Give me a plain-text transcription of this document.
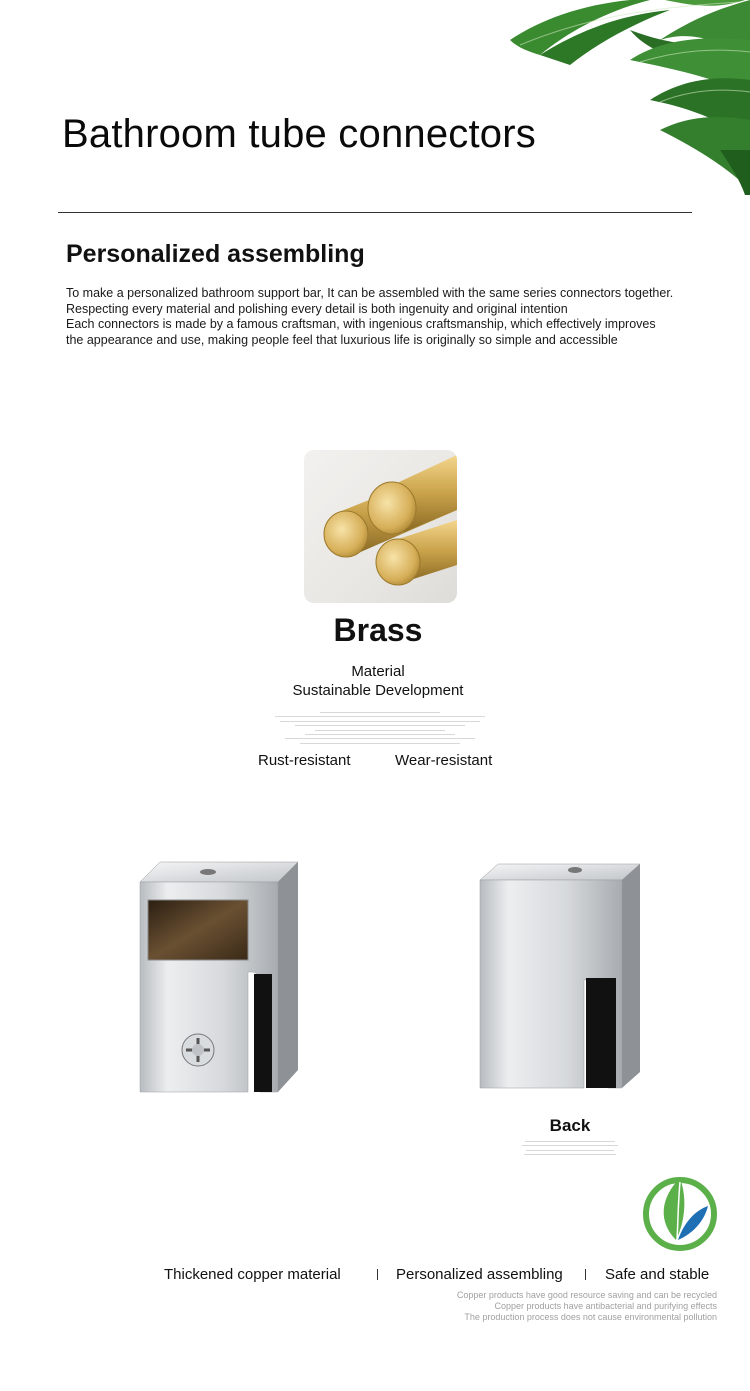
Bathroom tube connectors
Personalized assembling
To make a personalized bathroom support bar, It can be assembled with the same series connectors together.
Respecting every material and polishing every detail is both ingenuity and original intention
Each connectors is made by a famous craftsman, with ingenious craftsmanship, which effectively improves
the appearance and use, making people feel that luxurious life is originally so simple and accessible
Brass
Material
Sustainable Development
Rust-resistant	Wear-resistant
Back
Thickened copper material	Personalized assembling	Safe and stable
Copper products have good resource saving and can be recycled
Copper products have antibacterial and purifying effects
The production process does not cause environmental pollution
